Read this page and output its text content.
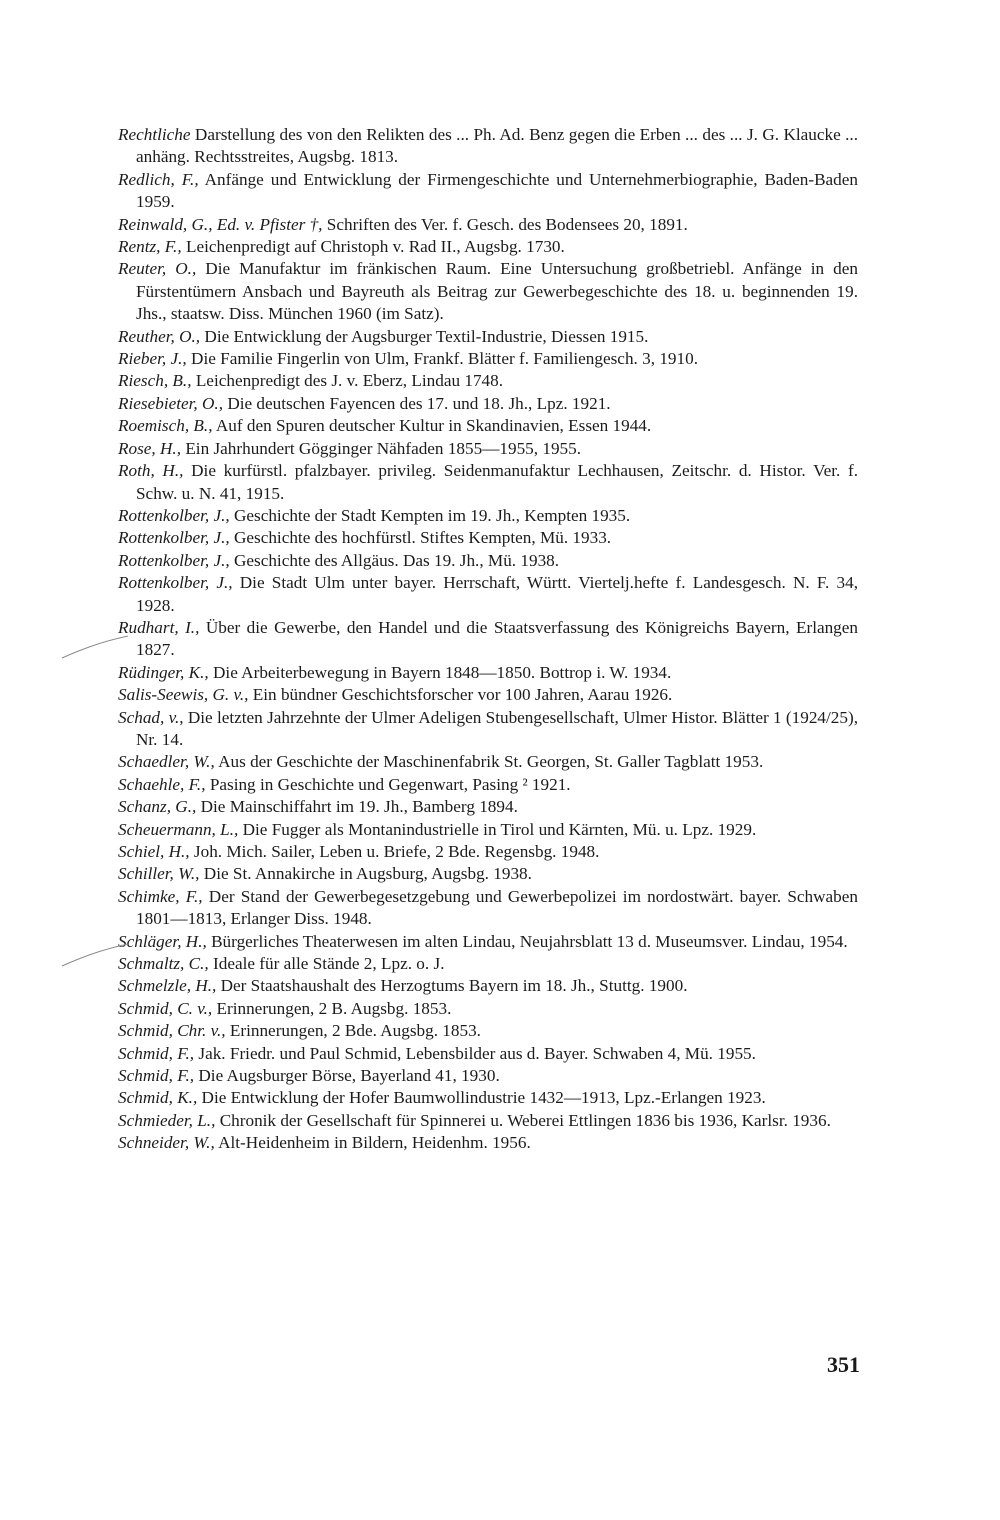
Rechtliche Darstellung des von den Relikten des ... Ph. Ad. Benz gegen die Erben ... des ... J. G. Klaucke ... anhäng. Rechtsstreites, Augsbg. 1813.

Redlich, F., Anfänge und Entwicklung der Firmengeschichte und Unternehmerbiographie, Baden-Baden 1959.

Reinwald, G., Ed. v. Pfister †, Schriften des Ver. f. Gesch. des Bodensees 20, 1891.

Rentz, F., Leichenpredigt auf Christoph v. Rad II., Augsbg. 1730.

Reuter, O., Die Manufaktur im fränkischen Raum. Eine Untersuchung großbetriebl. Anfänge in den Fürstentümern Ansbach und Bayreuth als Beitrag zur Gewerbegeschichte des 18. u. beginnenden 19. Jhs., staatsw. Diss. München 1960 (im Satz).

Reuther, O., Die Entwicklung der Augsburger Textil-Industrie, Diessen 1915.

Rieber, J., Die Familie Fingerlin von Ulm, Frankf. Blätter f. Familiengesch. 3, 1910.

Riesch, B., Leichenpredigt des J. v. Eberz, Lindau 1748.

Riesebieter, O., Die deutschen Fayencen des 17. und 18. Jh., Lpz. 1921.

Roemisch, B., Auf den Spuren deutscher Kultur in Skandinavien, Essen 1944.

Rose, H., Ein Jahrhundert Gögginger Nähfaden 1855—1955, 1955.

Roth, H., Die kurfürstl. pfalzbayer. privileg. Seidenmanufaktur Lechhausen, Zeitschr. d. Histor. Ver. f. Schw. u. N. 41, 1915.

Rottenkolber, J., Geschichte der Stadt Kempten im 19. Jh., Kempten 1935.

Rottenkolber, J., Geschichte des hochfürstl. Stiftes Kempten, Mü. 1933.

Rottenkolber, J., Geschichte des Allgäus. Das 19. Jh., Mü. 1938.

Rottenkolber, J., Die Stadt Ulm unter bayer. Herrschaft, Württ. Viertelj.hefte f. Landesgesch. N. F. 34, 1928.

Rudhart, I., Über die Gewerbe, den Handel und die Staatsverfassung des Königreichs Bayern, Erlangen 1827.

Rüdinger, K., Die Arbeiterbewegung in Bayern 1848—1850. Bottrop i. W. 1934.

Salis-Seewis, G. v., Ein bündner Geschichtsforscher vor 100 Jahren, Aarau 1926.

Schad, v., Die letzten Jahrzehnte der Ulmer Adeligen Stubengesellschaft, Ulmer Histor. Blätter 1 (1924/25), Nr. 14.

Schaedler, W., Aus der Geschichte der Maschinenfabrik St. Georgen, St. Galler Tagblatt 1953.

Schaehle, F., Pasing in Geschichte und Gegenwart, Pasing ² 1921.

Schanz, G., Die Mainschiffahrt im 19. Jh., Bamberg 1894.

Scheuermann, L., Die Fugger als Montanindustrielle in Tirol und Kärnten, Mü. u. Lpz. 1929.

Schiel, H., Joh. Mich. Sailer, Leben u. Briefe, 2 Bde. Regensbg. 1948.

Schiller, W., Die St. Annakirche in Augsburg, Augsbg. 1938.

Schimke, F., Der Stand der Gewerbegesetzgebung und Gewerbepolizei im nordostwärt. bayer. Schwaben 1801—1813, Erlanger Diss. 1948.

Schläger, H., Bürgerliches Theaterwesen im alten Lindau, Neujahrsblatt 13 d. Museumsver. Lindau, 1954.

Schmaltz, C., Ideale für alle Stände 2, Lpz. o. J.

Schmelzle, H., Der Staatshaushalt des Herzogtums Bayern im 18. Jh., Stuttg. 1900.

Schmid, C. v., Erinnerungen, 2 B. Augsbg. 1853.

Schmid, Chr. v., Erinnerungen, 2 Bde. Augsbg. 1853.

Schmid, F., Jak. Friedr. und Paul Schmid, Lebensbilder aus d. Bayer. Schwaben 4, Mü. 1955.

Schmid, F., Die Augsburger Börse, Bayerland 41, 1930.

Schmid, K., Die Entwicklung der Hofer Baumwollindustrie 1432—1913, Lpz.-Erlangen 1923.

Schmieder, L., Chronik der Gesellschaft für Spinnerei u. Weberei Ettlingen 1836 bis 1936, Karlsr. 1936.

Schneider, W., Alt-Heidenheim in Bildern, Heidenhm. 1956.

351
